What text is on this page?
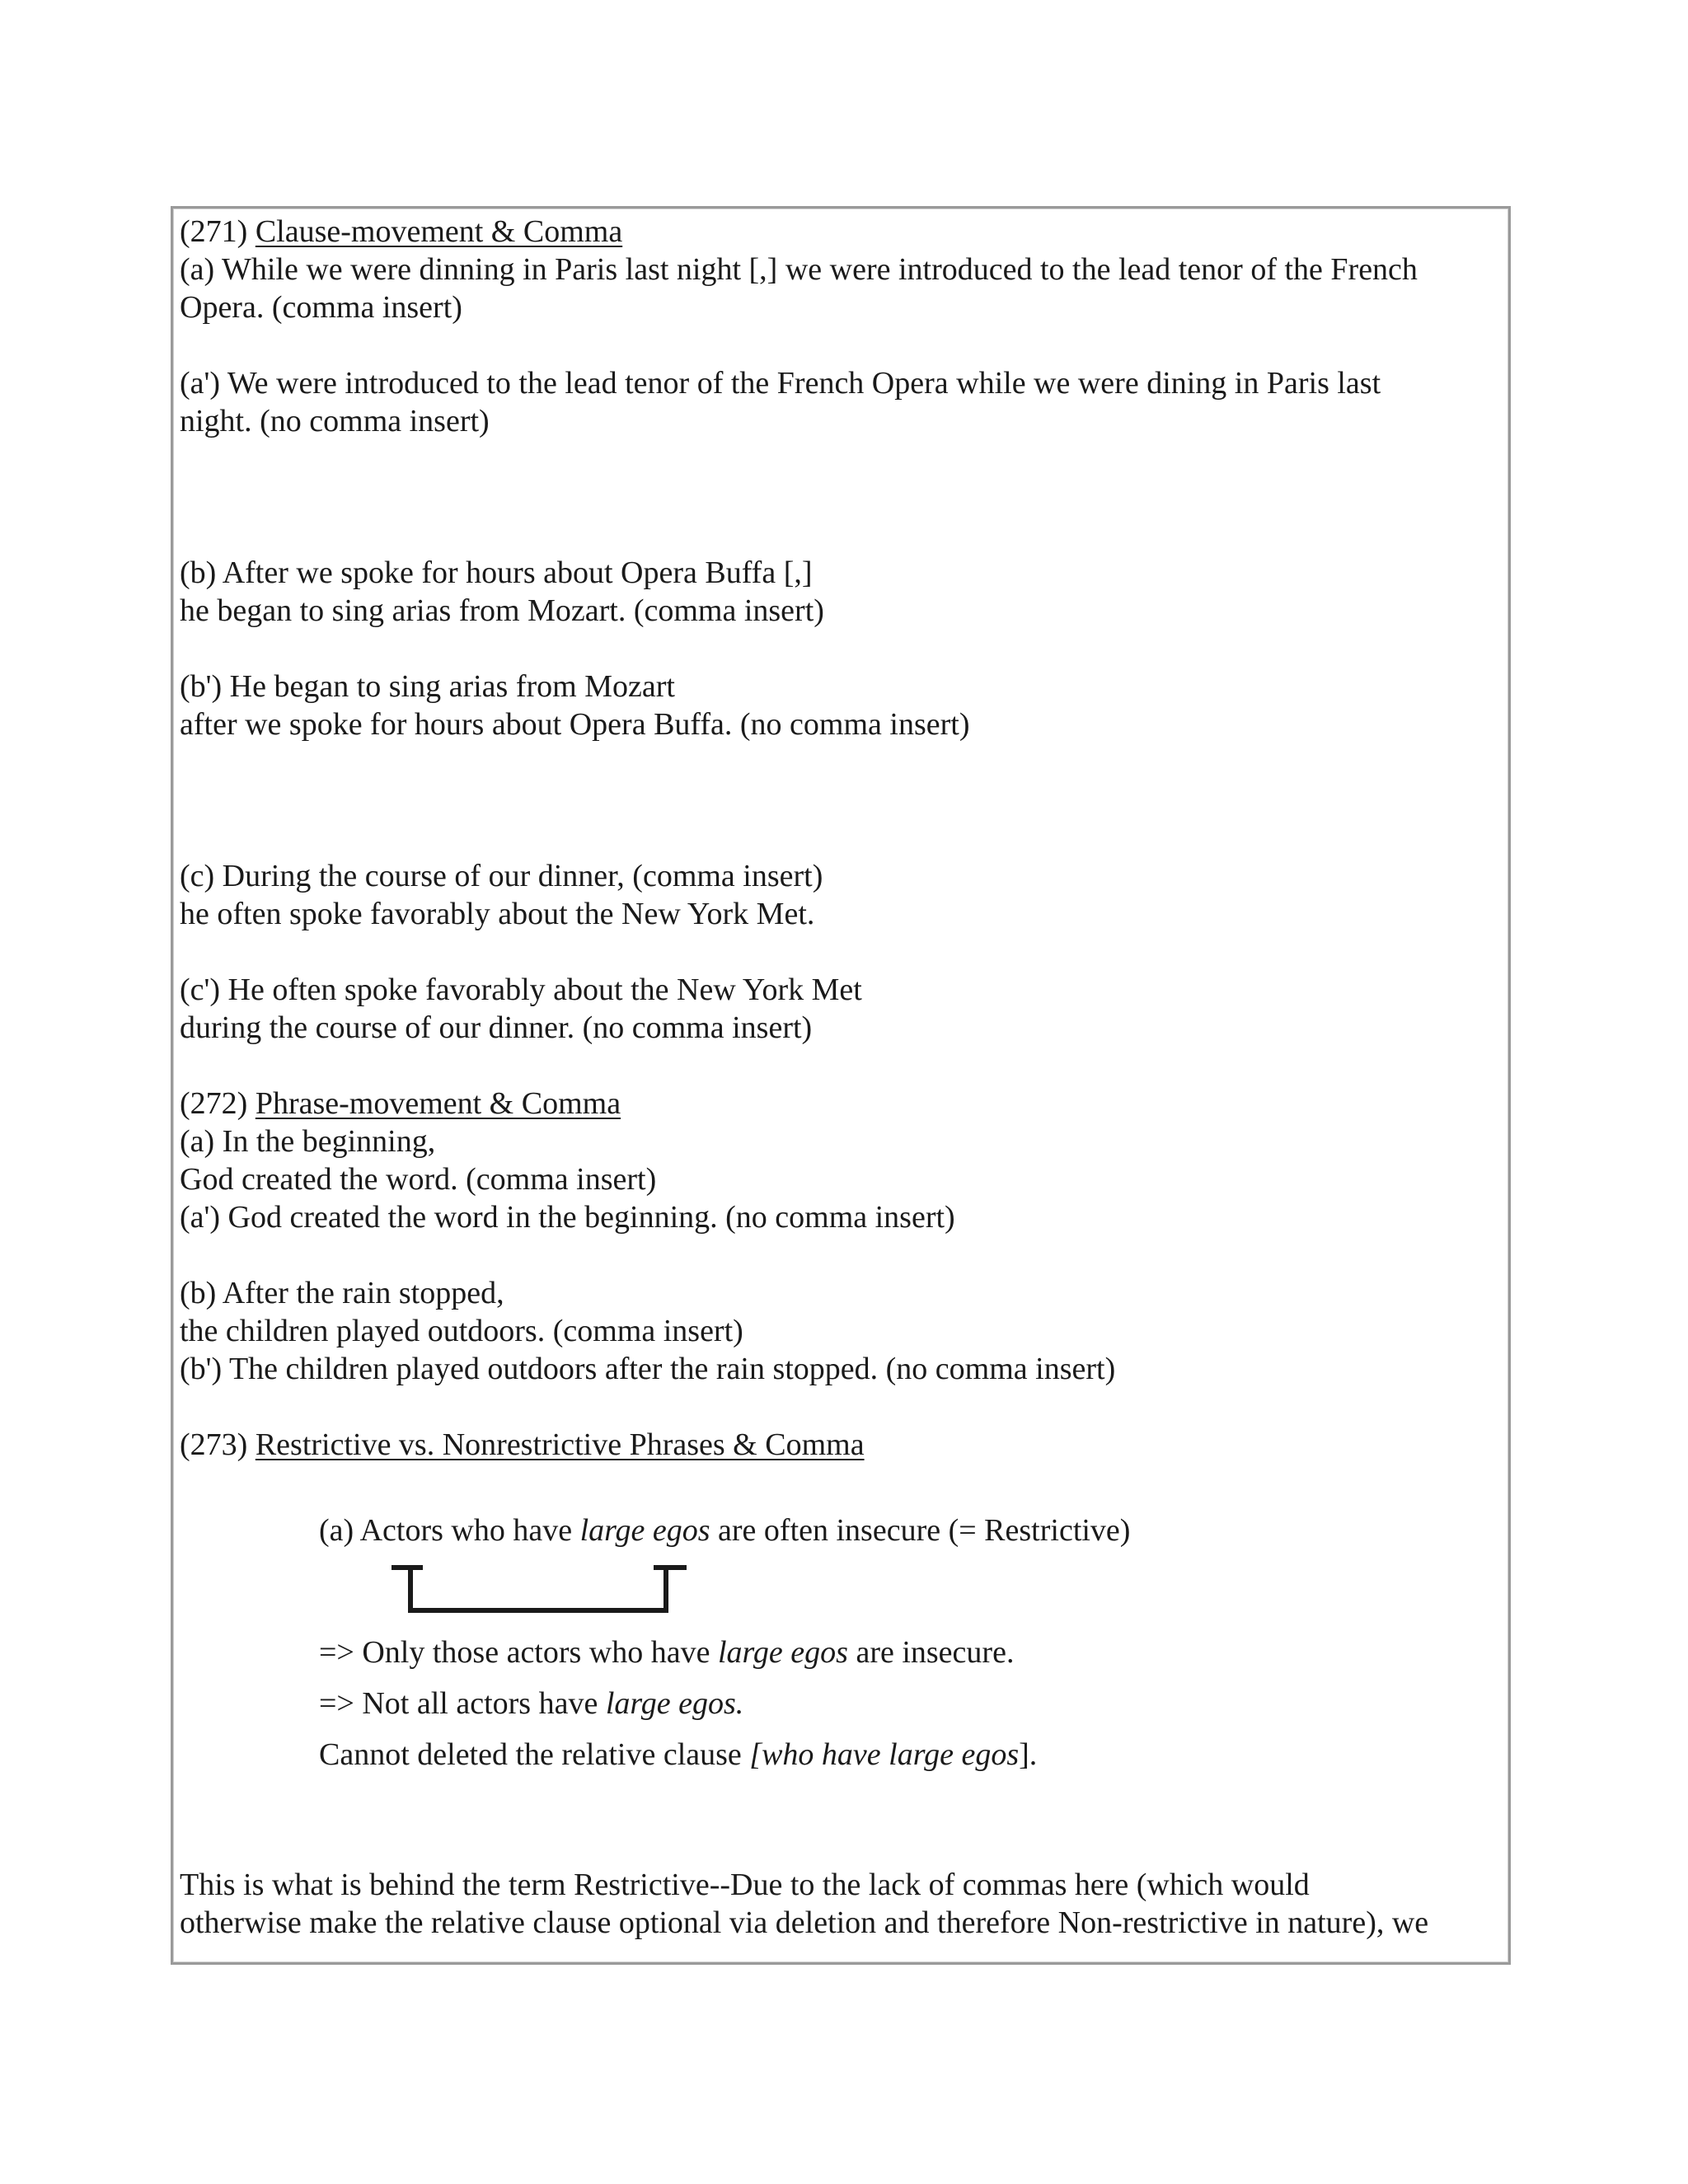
(271) Clause-movement & Comma
(a) While we were dinning in Paris last night [,] we were introduced to the lead tenor of the French
Opera. (comma insert)
(a') We were introduced to the lead tenor of the French Opera while we were dining in Paris last
night. (no comma insert)
(b) After we spoke for hours about Opera Buffa [,]
he began to sing arias from Mozart. (comma insert)
(b') He began to sing arias from Mozart
after we spoke for hours about Opera Buffa. (no comma insert)
(c) During the course of our dinner, (comma insert)
he often spoke favorably about the New York Met.
(c') He often spoke favorably about the New York Met
during the course of our dinner. (no comma insert)
(272) Phrase-movement & Comma
(a) In the beginning,
God created the word. (comma insert)
(a') God created the word in the beginning. (no comma insert)
(b) After the rain stopped,
the children played outdoors. (comma insert)
(b') The children played outdoors after the rain stopped. (no comma insert)
(273) Restrictive vs. Nonrestrictive Phrases & Comma
(a) Actors who have large egos are often insecure (= Restrictive)
=> Only those actors who have large egos are insecure.
=> Not all actors have large egos.
Cannot deleted the relative clause [who have large egos].
This is what is behind the term Restrictive--Due to the lack of commas here (which would
otherwise make the relative clause optional via deletion and therefore Non-restrictive in nature), we
